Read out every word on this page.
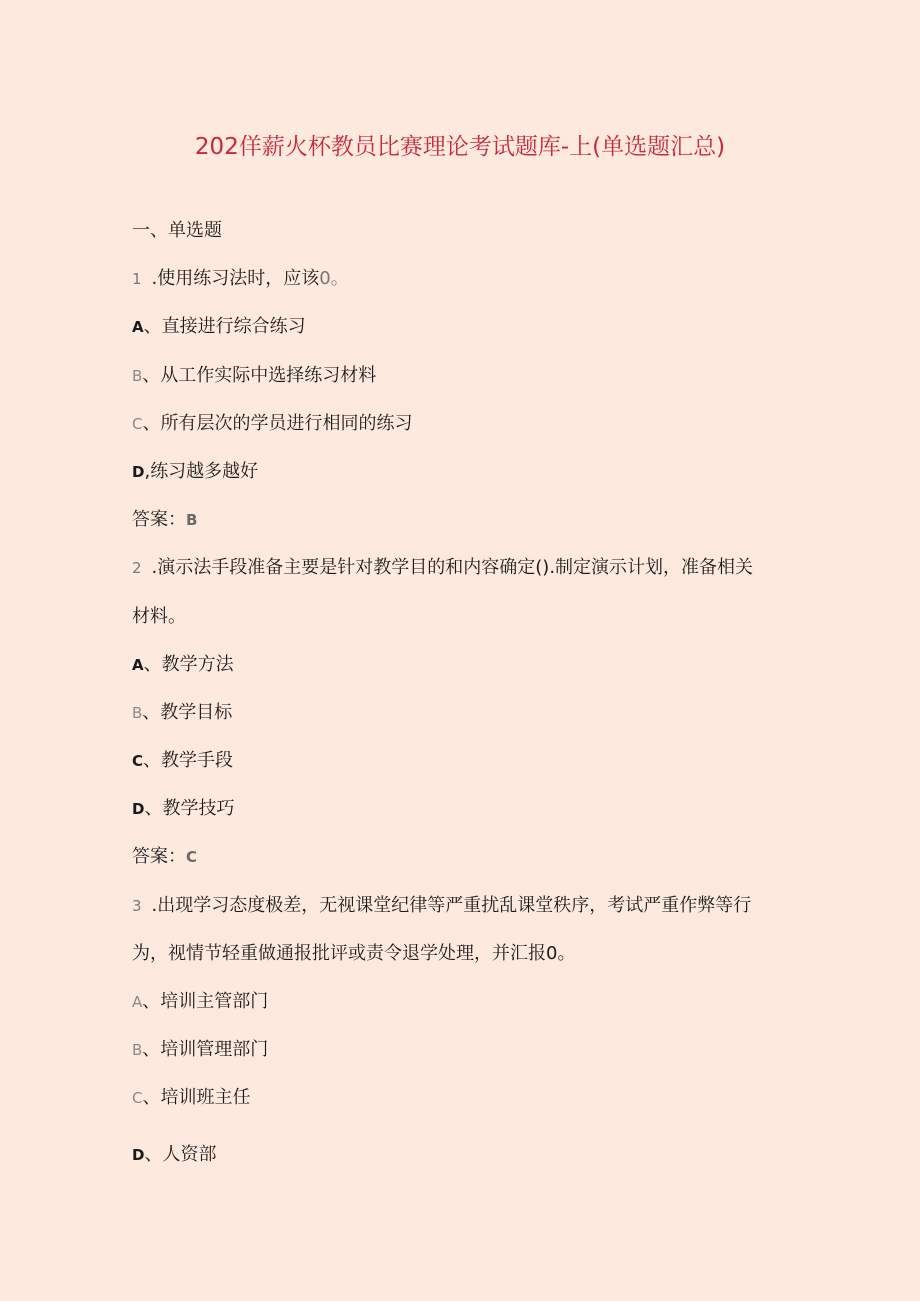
202佯薪火杯教员比赛理论考试题库-上(单选题汇总)
一、单选题
1 .使用练习法时，应该0。
A、直接进行综合练习
B、从工作实际中选择练习材料
C、所有层次的学员进行相同的练习
D,练习越多越好
答案：B
2 .演示法手段准备主要是针对教学目的和内容确定().制定演示计划，准备相关
材料。
A、教学方法
B、教学目标
C、教学手段
D、教学技巧
答案：C
3 .出现学习态度极差，无视课堂纪律等严重扰乱课堂秩序，考试严重作弊等行
为，视情节轻重做通报批评或责令退学处理，并汇报0。
A、培训主管部门
B、培训管理部门
C、培训班主任
D、人资部
